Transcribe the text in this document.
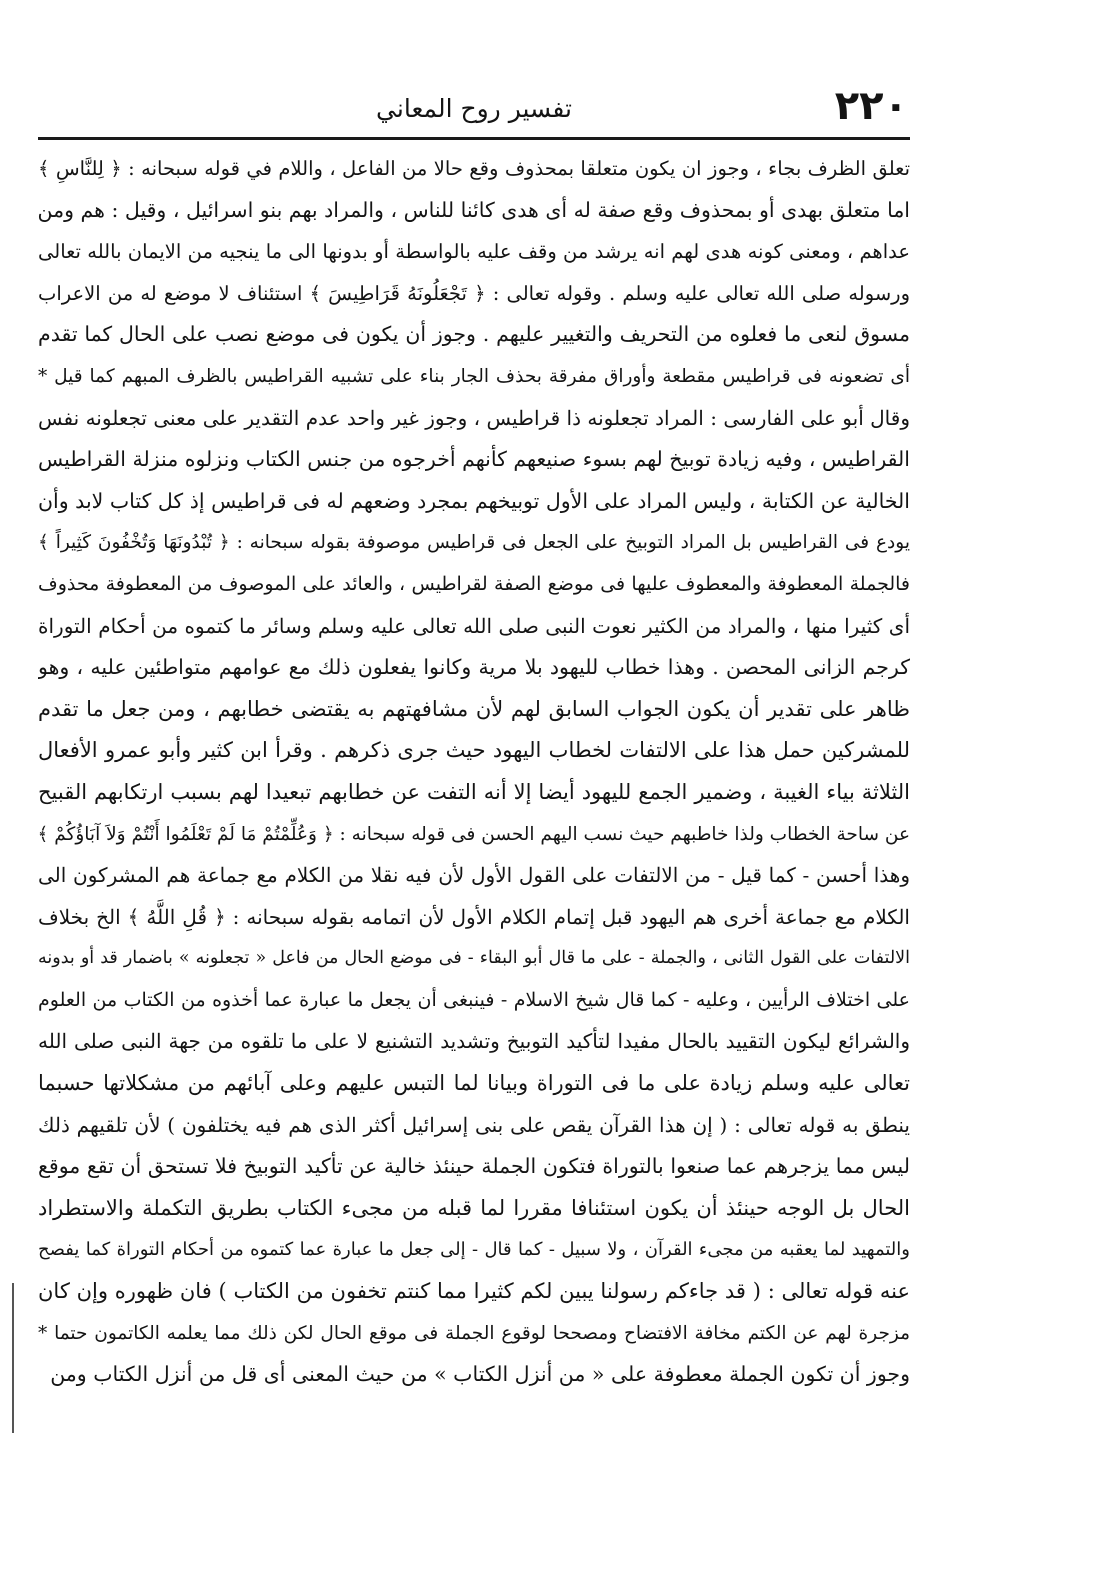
٢٢٠
تفسير روح المعاني
تعلق الظرف بجاء ، وجوز ان يكون متعلقا بمحذوف وقع حالا من الفاعل ، واللام في قوله سبحانه : ﴿ لِلنَّاسِ ﴾
اما متعلق بهدى أو بمحذوف وقع صفة له أى هدى كائنا للناس ، والمراد بهم بنو اسرائيل ، وقيل : هم ومن
عداهم ، ومعنى كونه هدى لهم انه يرشد من وقف عليه بالواسطة أو بدونها الى ما ينجيه من الايمان بالله تعالى
ورسوله صلى الله تعالى عليه وسلم . وقوله تعالى : ﴿ تَجْعَلُونَهُ قَرَاطِيسَ ﴾ استئناف لا موضع له من الاعراب
مسوق لنعى ما فعلوه من التحريف والتغيير عليهم . وجوز أن يكون فى موضع نصب على الحال كما تقدم
أى تضعونه فى قراطيس مقطعة وأوراق مفرقة بحذف الجار بناء على تشبيه القراطيس بالظرف المبهم كما قيل *
وقال أبو على الفارسى : المراد تجعلونه ذا قراطيس ، وجوز غير واحد عدم التقدير على معنى تجعلونه نفس
القراطيس ، وفيه زيادة توبيخ لهم بسوء صنيعهم كأنهم أخرجوه من جنس الكتاب ونزلوه منزلة القراطيس
الخالية عن الكتابة ، وليس المراد على الأول توبيخهم بمجرد وضعهم له فى قراطيس إذ كل كتاب لابد وأن
يودع فى القراطيس بل المراد التوبيخ على الجعل فى قراطيس موصوفة بقوله سبحانه : ﴿ تُبْدُونَهَا وَتُخْفُونَ كَثِيراً ﴾
فالجملة المعطوفة والمعطوف عليها فى موضع الصفة لقراطيس ، والعائد على الموصوف من المعطوفة محذوف
أى كثيرا منها ، والمراد من الكثير نعوت النبى صلى الله تعالى عليه وسلم وسائر ما كتموه من أحكام التوراة
كرجم الزانى المحصن . وهذا خطاب لليهود بلا مرية وكانوا يفعلون ذلك مع عوامهم متواطئين عليه ، وهو
ظاهر على تقدير أن يكون الجواب السابق لهم لأن مشافهتهم به يقتضى خطابهم ، ومن جعل ما تقدم
للمشركين حمل هذا على الالتفات لخطاب اليهود حيث جرى ذكرهم . وقرأ ابن كثير وأبو عمرو الأفعال
الثلاثة بياء الغيبة ، وضمير الجمع لليهود أيضا إلا أنه التفت عن خطابهم تبعيدا لهم بسبب ارتكابهم القبيح
عن ساحة الخطاب ولذا خاطبهم حيث نسب اليهم الحسن فى قوله سبحانه : ﴿ وَعُلِّمْتُمْ مَا لَمْ تَعْلَمُوا أَنْتُمْ وَلاَ آبَاؤُكُمْ ﴾
وهذا أحسن - كما قيل - من الالتفات على القول الأول لأن فيه نقلا من الكلام مع جماعة هم المشركون الى
الكلام مع جماعة أخرى هم اليهود قبل إتمام الكلام الأول لأن اتمامه بقوله سبحانه : ﴿ قُلِ اللَّهُ ﴾ الخ بخلاف
الالتفات على القول الثانى ، والجملة - على ما قال أبو البقاء - فى موضع الحال من فاعل « تجعلونه » باضمار قد أو بدونه
على اختلاف الرأيين ، وعليه - كما قال شيخ الاسلام - فينبغى أن يجعل ما عبارة عما أخذوه من الكتاب من العلوم
والشرائع ليكون التقييد بالحال مفيدا لتأكيد التوبيخ وتشديد التشنيع لا على ما تلقوه من جهة النبى صلى الله
تعالى عليه وسلم زيادة على ما فى التوراة وبيانا لما التبس عليهم وعلى آبائهم من مشكلاتها حسبما
ينطق به قوله تعالى : ( إن هذا القرآن يقص على بنى إسرائيل أكثر الذى هم فيه يختلفون ) لأن تلقيهم ذلك
ليس مما يزجرهم عما صنعوا بالتوراة فتكون الجملة حينئذ خالية عن تأكيد التوبيخ فلا تستحق أن تقع موقع
الحال بل الوجه حينئذ أن يكون استئنافا مقررا لما قبله من مجىء الكتاب بطريق التكملة والاستطراد
والتمهيد لما يعقبه من مجىء القرآن ، ولا سبيل - كما قال - إلى جعل ما عبارة عما كتموه من أحكام التوراة كما يفصح
عنه قوله تعالى : ( قد جاءكم رسولنا يبين لكم كثيرا مما كنتم تخفون من الكتاب ) فان ظهوره وإن كان
مزجرة لهم عن الكتم مخافة الافتضاح ومصححا لوقوع الجملة فى موقع الحال لكن ذلك مما يعلمه الكاتمون حتما *
وجوز أن تكون الجملة معطوفة على « من أنزل الكتاب » من حيث المعنى أى قل من أنزل الكتاب ومن
